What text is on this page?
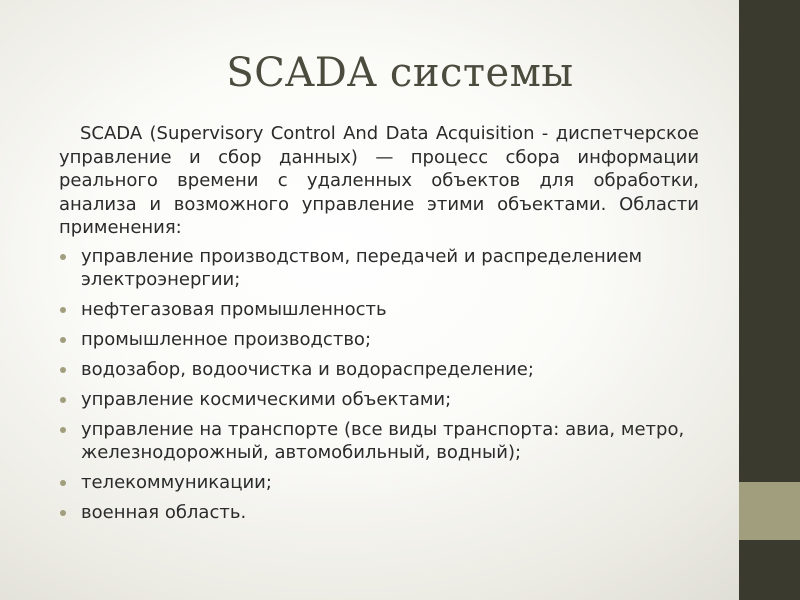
SCADA системы
SCADA (Supervisory Control And Data Acquisition - диспетчерское управление и сбор данных) — процесс сбора информации реального времени с удаленных объектов для обработки, анализа и возможного управление этими объектами. Области применения:
управление производством, передачей и распределением электроэнергии;
нефтегазовая промышленность
промышленное производство;
водозабор, водоочистка и водораспределение;
управление космическими объектами;
управление на транспорте (все виды транспорта: авиа, метро, железнодорожный, автомобильный, водный);
телекоммуникации;
военная область.
